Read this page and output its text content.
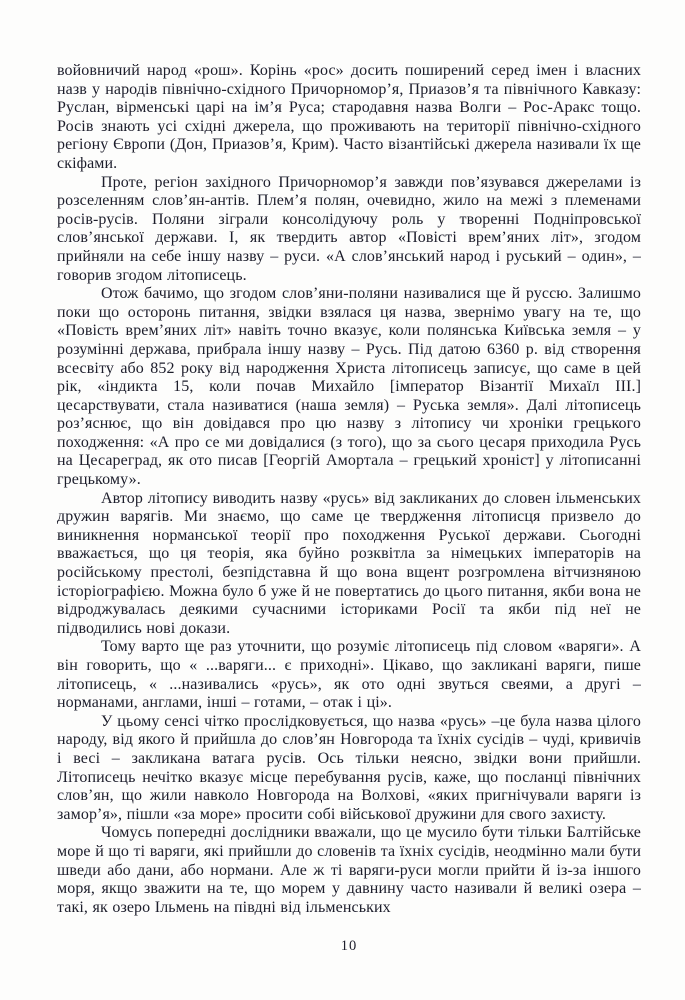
войовничий народ «рош». Корінь «рос» досить поширений серед імен і власних назв у народів північно-східного Причорномор’я, Приазов’я та північного Кавказу: Руслан, вірменські царі на ім’я Руса; стародавня назва Волги – Рос-Аракс тощо. Росів знають усі східні джерела, що проживають на території північно-східного регіону Європи (Дон, Приазов’я, Крим). Часто візантійські джерела називали їх ще скіфами.

Проте, регіон західного Причорномор’я завжди пов’язувався джерелами із розселенням слов’ян-антів. Плем’я полян, очевидно, жило на межі з племенами росів-русів. Поляни зіграли консолідуючу роль у творенні Подніпровської слов’янської держави. І, як твердить автор «Повісті врем’яних літ», згодом прийняли на себе іншу назву – руси. «А слов’янський народ і руський – один», – говорив згодом літописець.

Отож бачимо, що згодом слов’яни-поляни називалися ще й руссю. Залишмо поки що осторонь питання, звідки взялася ця назва, звернімо увагу на те, що «Повість врем’яних літ» навіть точно вказує, коли полянська Київська земля – у розумінні держава, прибрала іншу назву – Русь. Під датою 6360 р. від створення всесвіту або 852 року від народження Христа літописець записує, що саме в цей рік, «індикта 15, коли почав Михайло [імператор Візантії Михаїл ІІІ.] цесарствувати, стала називатися (наша земля) – Руська земля». Далі літописець роз’яснює, що він довідався про цю назву з літопису чи хроніки грецького походження: «А про се ми довідалися (з того), що за сього цесаря приходила Русь на Цесареград, як ото писав [Георгій Амортала – грецький хроніст] у літописанні грецькому».

Автор літопису виводить назву «русь» від закликаних до словен ільменських дружин варягів. Ми знаємо, що саме це твердження літописця призвело до виникнення норманської теорії про походження Руської держави. Сьогодні вважається, що ця теорія, яка буйно розквітла за німецьких імператорів на російському престолі, безпідставна й що вона вщент розгромлена вітчизняною історіографією. Можна було б уже й не повертатись до цього питання, якби вона не відроджувалась деякими сучасними істориками Росії та якби під неї не підводились нові докази.

Тому варто ще раз уточнити, що розуміє літописець під словом «варяги». А він говорить, що « ...варяги... є приходні». Цікаво, що закликані варяги, пише літописець, « ...називались «русь», як ото одні звуться свеями, а другі – норманами, англами, інші – готами, – отак і ці».

У цьому сенсі чітко прослідковується, що назва «русь» –це була назва цілого народу, від якого й прийшла до слов’ян Новгорода та їхніх сусідів – чуді, кривичів і весі – закликана ватага русів. Ось тільки неясно, звідки вони прийшли. Літописець нечітко вказує місце перебування русів, каже, що посланці північних слов’ян, що жили навколо Новгорода на Волхові, «яких пригнічували варяги із замор’я», пішли «за море» просити собі військової дружини для свого захисту.

Чомусь попередні дослідники вважали, що це мусило бути тільки Балтійське море й що ті варяги, які прийшли до словенів та їхніх сусідів, неодмінно мали бути шведи або дани, або нормани. Але ж ті варяги-руси могли прийти й із-за іншого моря, якщо зважити на те, що морем у давнину часто називали й великі озера – такі, як озеро Ільмень на півдні від ільменських

10
